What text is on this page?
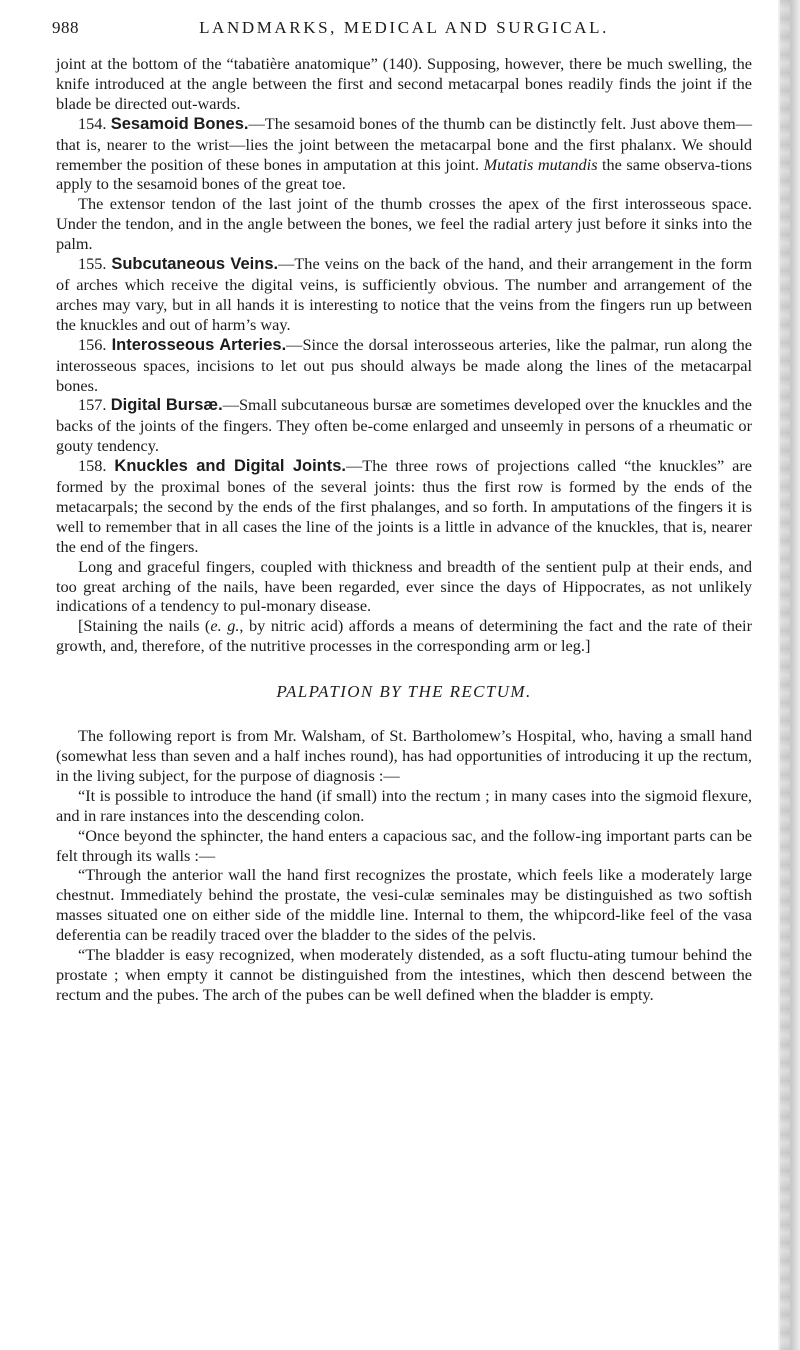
988	LANDMARKS, MEDICAL AND SURGICAL.

joint at the bottom of the “tabatière anatomique” (140). Supposing, however, there be much swelling, the knife introduced at the angle between the first and second metacarpal bones readily finds the joint if the blade be directed out-wards.

154. Sesamoid Bones.—The sesamoid bones of the thumb can be distinctly felt. Just above them—that is, nearer to the wrist—lies the joint between the metacarpal bone and the first phalanx. We should remember the position of these bones in amputation at this joint. Mutatis mutandis the same observa-tions apply to the sesamoid bones of the great toe.

The extensor tendon of the last joint of the thumb crosses the apex of the first interosseous space. Under the tendon, and in the angle between the bones, we feel the radial artery just before it sinks into the palm.

155. Subcutaneous Veins.—The veins on the back of the hand, and their arrangement in the form of arches which receive the digital veins, is sufficiently obvious. The number and arrangement of the arches may vary, but in all hands it is interesting to notice that the veins from the fingers run up between the knuckles and out of harm’s way.

156. Interosseous Arteries.—Since the dorsal interosseous arteries, like the palmar, run along the interosseous spaces, incisions to let out pus should always be made along the lines of the metacarpal bones.

157. Digital Bursæ.—Small subcutaneous bursæ are sometimes developed over the knuckles and the backs of the joints of the fingers. They often be-come enlarged and unseemly in persons of a rheumatic or gouty tendency.

158. Knuckles and Digital Joints.—The three rows of projections called “the knuckles” are formed by the proximal bones of the several joints: thus the first row is formed by the ends of the metacarpals; the second by the ends of the first phalanges, and so forth. In amputations of the fingers it is well to remember that in all cases the line of the joints is a little in advance of the knuckles, that is, nearer the end of the fingers.

Long and graceful fingers, coupled with thickness and breadth of the sentient pulp at their ends, and too great arching of the nails, have been regarded, ever since the days of Hippocrates, as not unlikely indications of a tendency to pul-monary disease.

[Staining the nails (e. g., by nitric acid) affords a means of determining the fact and the rate of their growth, and, therefore, of the nutritive processes in the corresponding arm or leg.]

PALPATION BY THE RECTUM.

The following report is from Mr. Walsham, of St. Bartholomew’s Hospital, who, having a small hand (somewhat less than seven and a half inches round), has had opportunities of introducing it up the rectum, in the living subject, for the purpose of diagnosis :—

“It is possible to introduce the hand (if small) into the rectum ; in many cases into the sigmoid flexure, and in rare instances into the descending colon.

“Once beyond the sphincter, the hand enters a capacious sac, and the follow-ing important parts can be felt through its walls :—

“Through the anterior wall the hand first recognizes the prostate, which feels like a moderately large chestnut. Immediately behind the prostate, the vesi-culæ seminales may be distinguished as two softish masses situated one on either side of the middle line. Internal to them, the whipcord-like feel of the vasa deferentia can be readily traced over the bladder to the sides of the pelvis.

“The bladder is easy recognized, when moderately distended, as a soft fluctu-ating tumour behind the prostate ; when empty it cannot be distinguished from the intestines, which then descend between the rectum and the pubes. The arch of the pubes can be well defined when the bladder is empty.
